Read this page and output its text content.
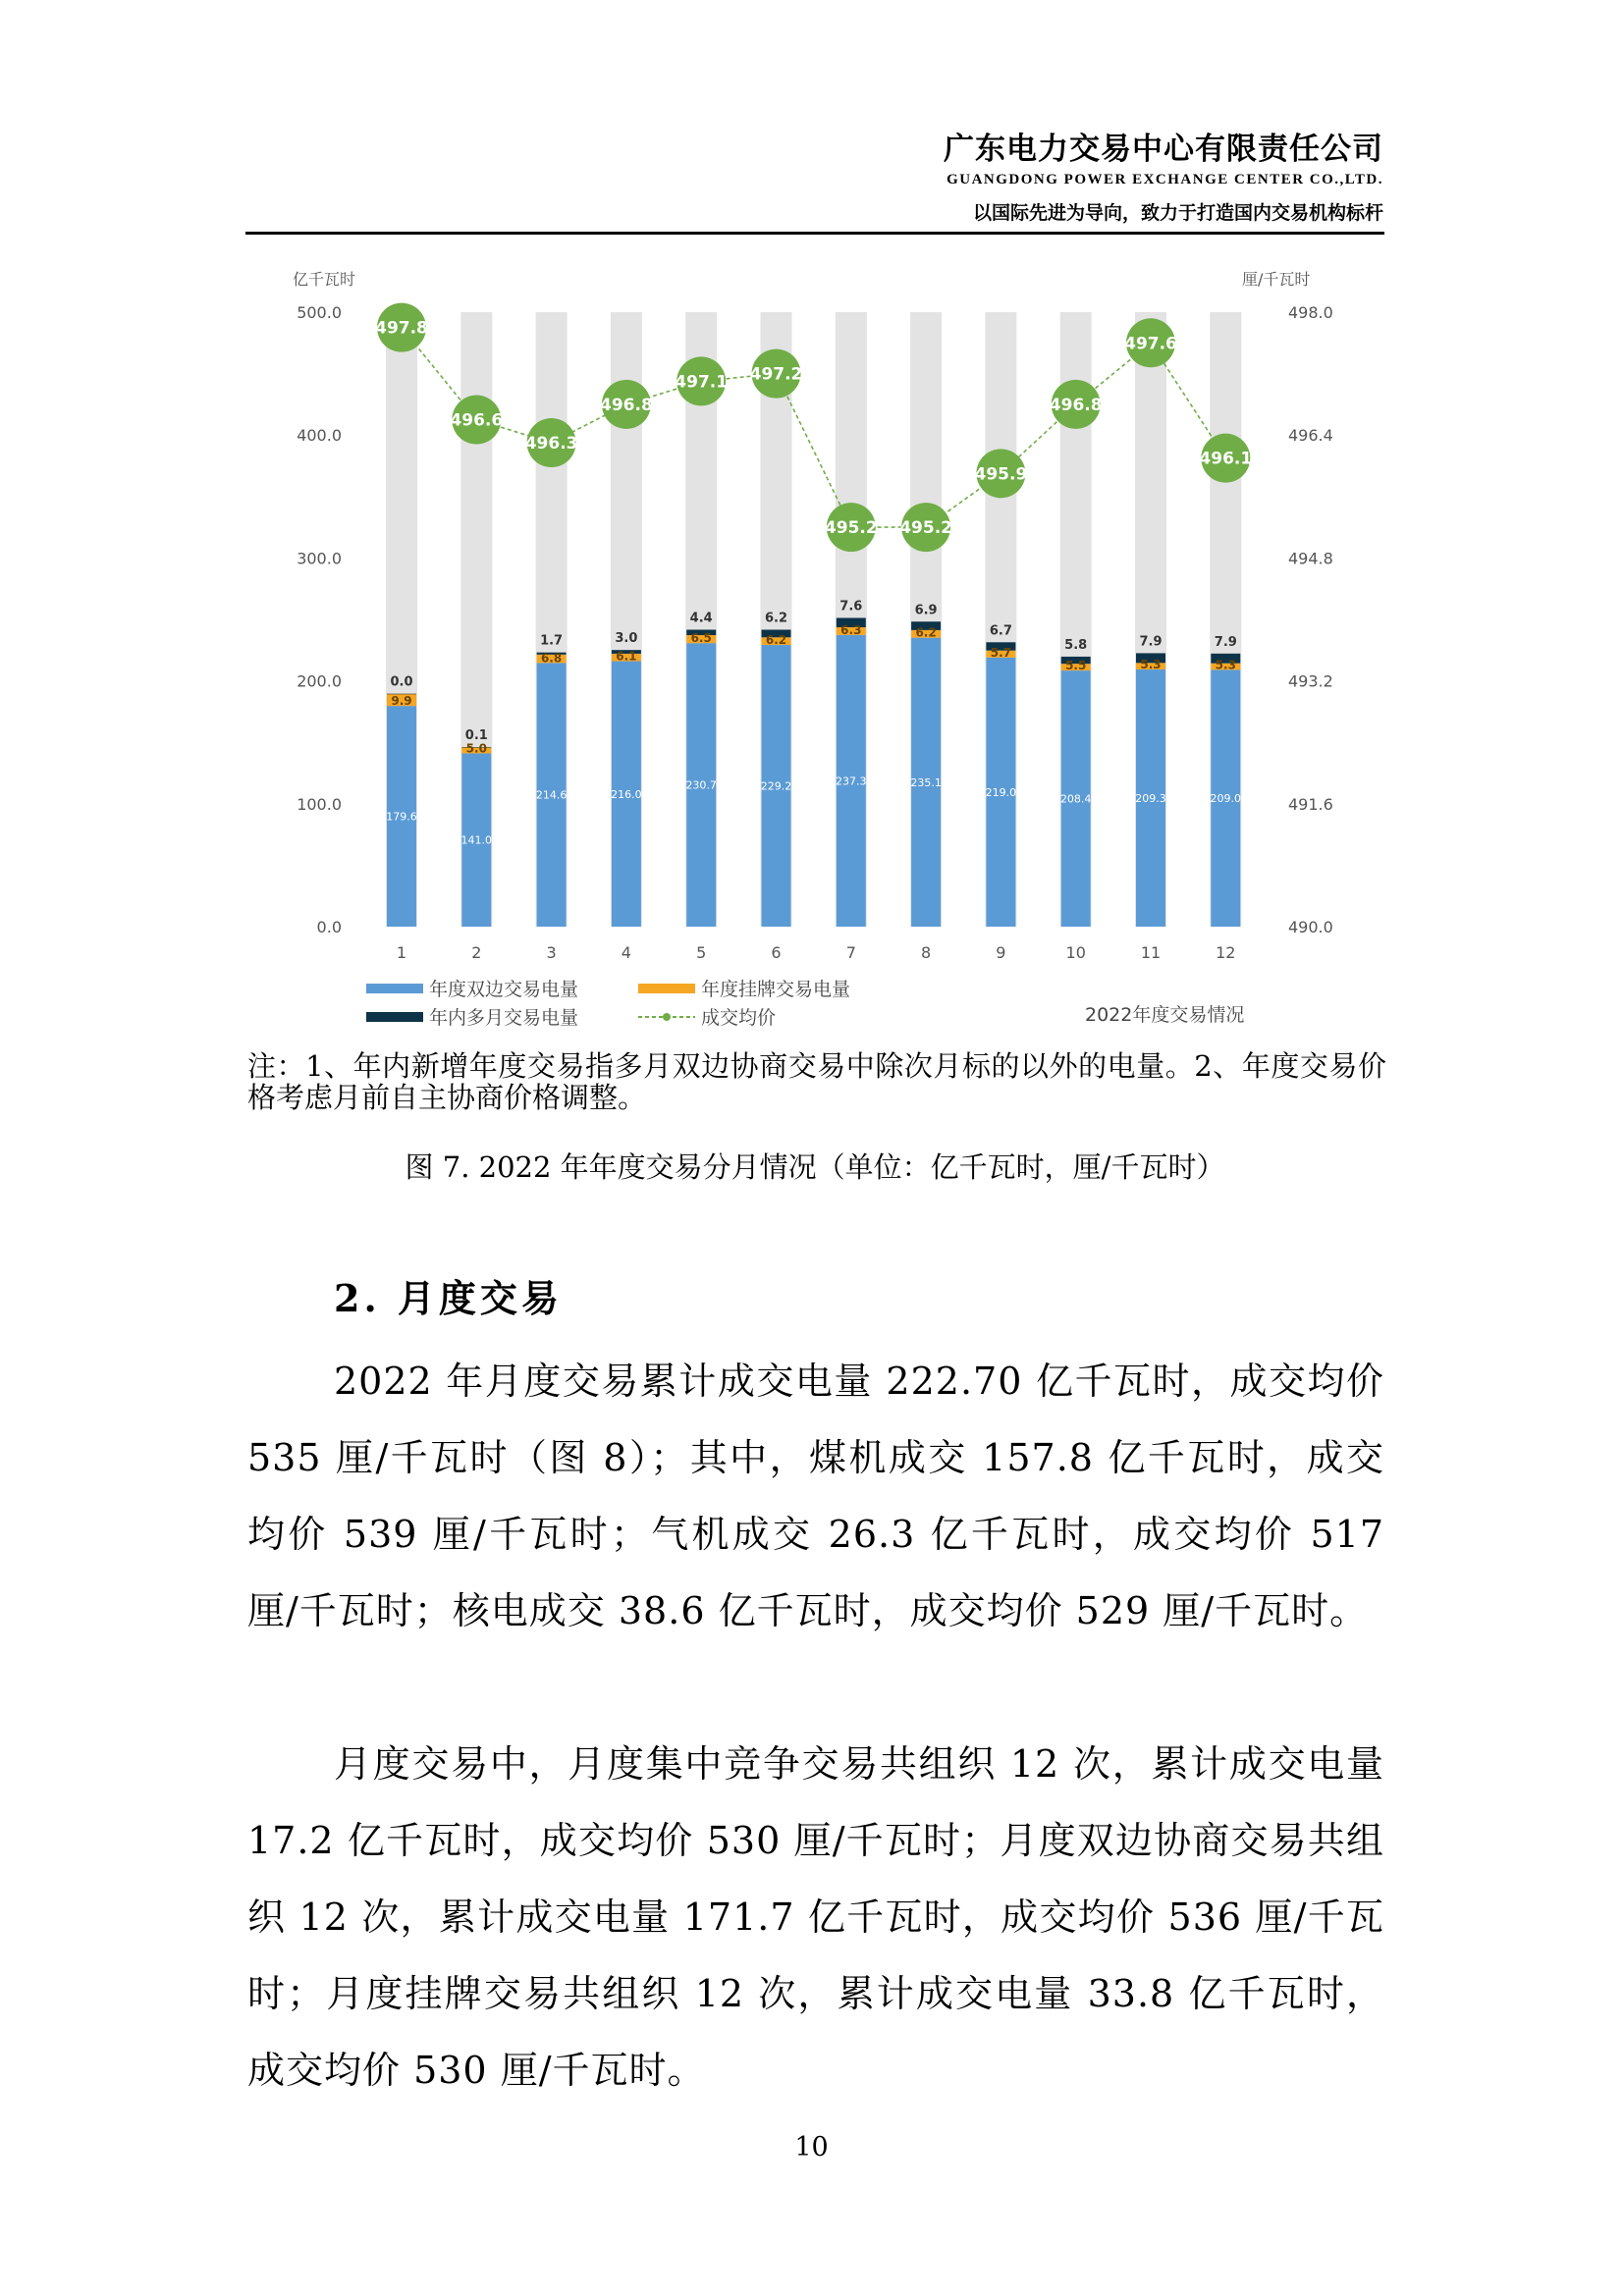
广东电力交易中心有限责任公司

GUANGDONG POWER EXCHANGE CENTER CO.,LTD.

以国际先进为导向，致力于打造国内交易机构标杆

亿千瓦时	厘/千瓦时
500.0
400.0
300.0
200.0
100.0
0.0
498.0
496.4
494.8
493.2
491.6
490.0
179.6
9.9
0.0
141.0
5.0
0.1
214.6
6.8
1.7
216.0
6.1
3.0
230.7
6.5
4.4
229.2
6.2
6.2
237.3
6.3
7.6
235.1
6.2
6.9
219.0
5.7
6.7
208.4
5.5
5.8
209.3
5.3
7.9
209.0
5.3
7.9
497.8
496.6
496.3
496.8
497.1 497.2
495.2 495.2
495.9
496.8
497.6
496.1
1	2	3	4	5	6	7	8	9	10	11	12
年度双边交易电量	年度挂牌交易电量
年内多月交易电量	成交均价	2022年度交易情况

注：1、年内新增年度交易指多月双边协商交易中除次月标的以外的电量。2、年度交易价格考虑月前自主协商价格调整。

图 7. 2022 年年度交易分月情况（单位：亿千瓦时，厘/千瓦时）

2. 月度交易

2022 年月度交易累计成交电量 222.70 亿千瓦时，成交均价 535 厘/千瓦时（图 8）；其中，煤机成交 157.8 亿千瓦时，成交均价 539 厘/千瓦时；气机成交 26.3 亿千瓦时，成交均价 517 厘/千瓦时；核电成交 38.6 亿千瓦时，成交均价 529 厘/千瓦时。

月度交易中，月度集中竞争交易共组织 12 次，累计成交电量 17.2 亿千瓦时，成交均价 530 厘/千瓦时；月度双边协商交易共组织 12 次，累计成交电量 171.7 亿千瓦时，成交均价 536 厘/千瓦时；月度挂牌交易共组织 12 次，累计成交电量 33.8 亿千瓦时，成交均价 530 厘/千瓦时。

10
